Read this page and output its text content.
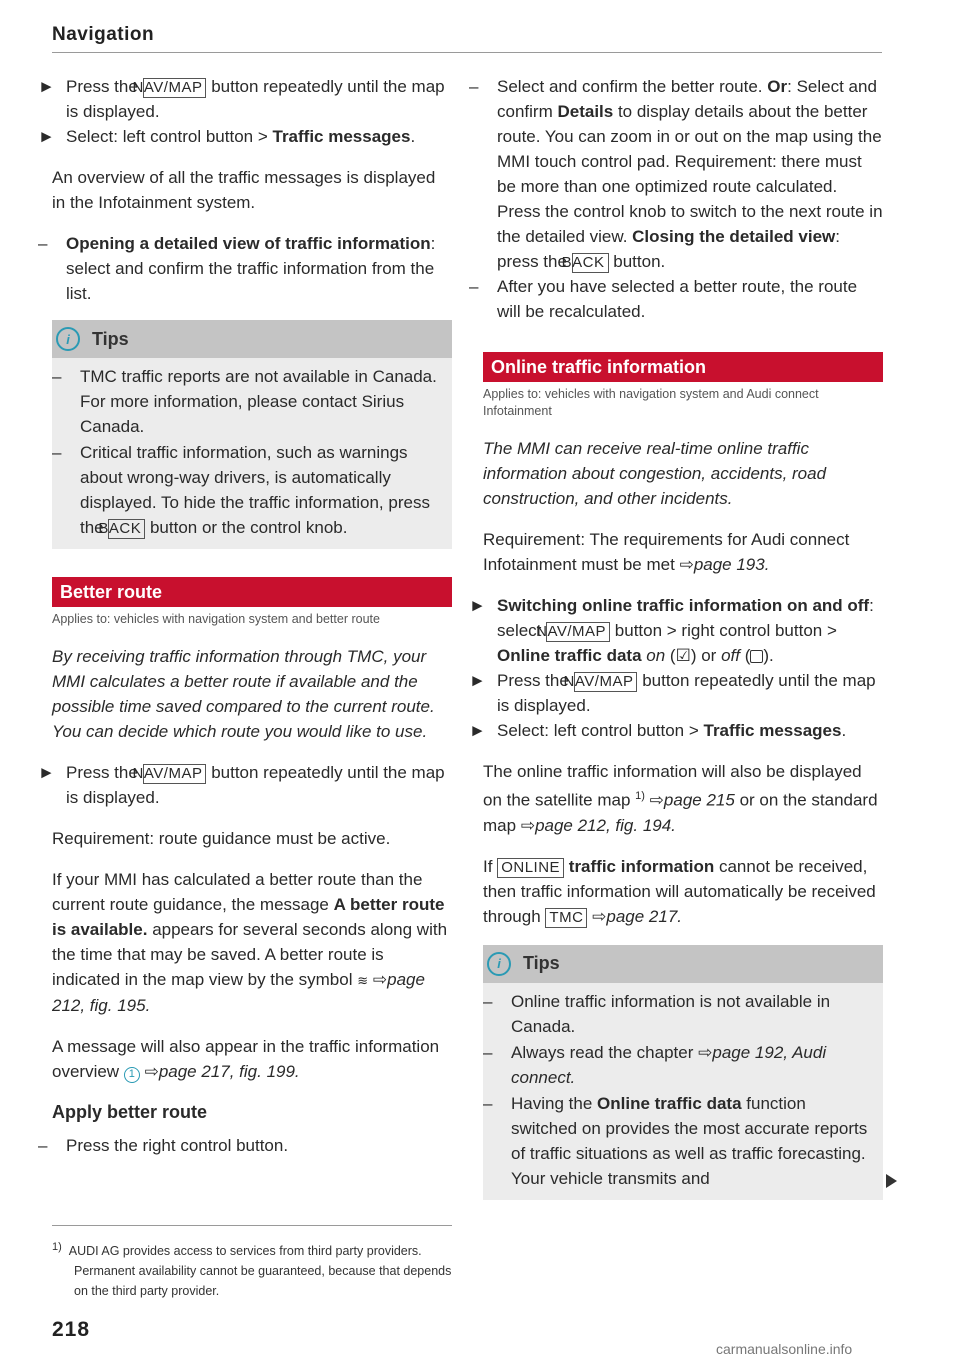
Navigation

► Press the NAV/MAP button repeatedly until the map is displayed.

► Select: left control button > Traffic messages.

An overview of all the traffic messages is displayed in the Infotainment system.

– Opening a detailed view of traffic information: select and confirm the traffic information from the list.

i	Tips

– TMC traffic reports are not available in Canada. For more information, please contact Sirius Canada.

– Critical traffic information, such as warnings about wrong-way drivers, is automatically displayed. To hide the traffic information, press the BACK button or the control knob.

Better route

Applies to: vehicles with navigation system and better route

By receiving traffic information through TMC, your MMI calculates a better route if available and the possible time saved compared to the current route. You can decide which route you would like to use.

► Press the NAV/MAP button repeatedly until the map is displayed.

Requirement: route guidance must be active.

If your MMI has calculated a better route than the current route guidance, the message A better route is available. appears for several seconds along with the time that may be saved. A better route is indicated in the map view by the symbol ≋ ⇨page 212, fig. 195.

A message will also appear in the traffic information overview 1 ⇨page 217, fig. 199.

Apply better route

– Press the right control button.

– Select and confirm the better route. Or: Select and confirm Details to display details about the better route. You can zoom in or out on the map using the MMI touch control pad. Requirement: there must be more than one optimized route calculated. Press the control knob to switch to the next route in the detailed view. Closing the detailed view: press the BACK button.

– After you have selected a better route, the route will be recalculated.

Online traffic information

Applies to: vehicles with navigation system and Audi connect Infotainment

The MMI can receive real-time online traffic information about congestion, accidents, road construction, and other incidents.

Requirement: The requirements for Audi connect Infotainment must be met ⇨page 193.

► Switching online traffic information on and off: select NAV/MAP button > right control button > Online traffic data on (☑) or off ( ).

► Press the NAV/MAP button repeatedly until the map is displayed.

► Select: left control button > Traffic messages.

The online traffic information will also be displayed on the satellite map $^{1)}$ ⇨page 215 or on the standard map ⇨page 212, fig. 194.

If ONLINE traffic information cannot be received, then traffic information will automatically be received through TMC ⇨page 217.

i	Tips

– Online traffic information is not available in Canada.

– Always read the chapter ⇨page 192, Audi connect.

– Having the Online traffic data function switched on provides the most accurate reports of traffic situations as well as traffic forecasting. Your vehicle transmits and

$^{1)}$ AUDI AG provides access to services from third party providers. Permanent availability cannot be guaranteed, because that depends on the third party provider.

218
carmanualsonline.info
